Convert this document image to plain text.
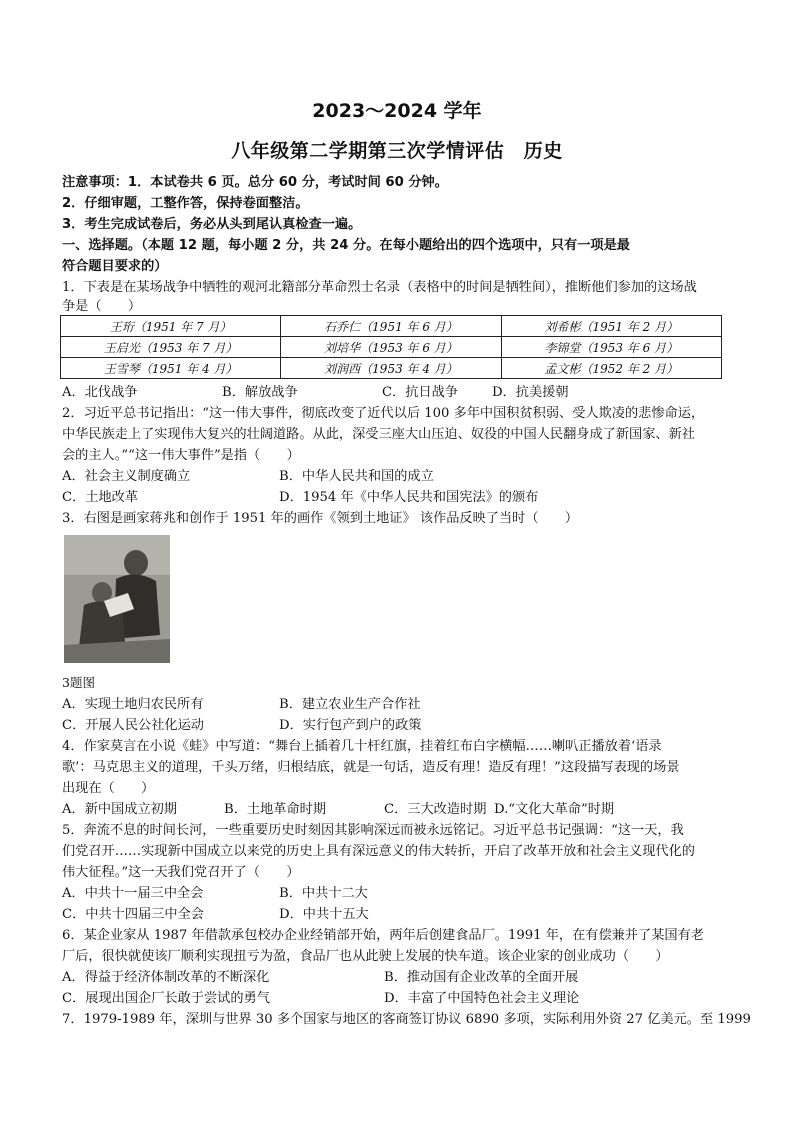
2023～2024 学年
八年级第二学期第三次学情评估　历史
注意事项：1．本试卷共 6 页。总分 60 分，考试时间 60 分钟。
2．仔细审题，工整作答，保持卷面整洁。
3．考生完成试卷后，务必从头到尾认真检查一遍。
一、选择题。（本题 12 题，每小题 2 分，共 24 分。在每小题给出的四个选项中，只有一项是最
符合题目要求的）
1．下表是在某场战争中牺牲的观河北籍部分革命烈士名录（表格中的时间是牺牲间），推断他们参加的这场战
争是（　　）
王珩（1951 年 7 月）	石乔仁（1951 年 6 月）	刘希彬（1951 年 2 月）
王启光（1953 年 7 月）	刘培华（1953 年 6 月）	李锦堂（1953 年 6 月）
王雪琴（1951 年 4 月）	刘润西（1953 年 4 月）	孟文彬（1952 年 2 月）
A．北伐战争	B．解放战争	C．抗日战争	D．抗美援朝
2．习近平总书记指出：“这一伟大事件，彻底改变了近代以后 100 多年中国积贫积弱、受人欺凌的悲惨命运，
中华民族走上了实现伟大复兴的壮阔道路。从此，深受三座大山压迫、奴役的中国人民翻身成了新国家、新社
会的主人。”“这一伟大事件”是指（　　）
A．社会主义制度确立	B．中华人民共和国的成立
C．土地改革	D．1954 年《中华人民共和国宪法》的颁布
3．右图是画家蒋兆和创作于 1951 年的画作《领到土地证》 该作品反映了当时（　　）
3题图
A．实现土地归农民所有	B．建立农业生产合作社
C．开展人民公社化运动	D．实行包产到户的政策
4．作家莫言在小说《蛙》中写道：“舞台上插着几十杆红旗，挂着红布白字横幅……喇叭正播放着‘语录
歌’：马克思主义的道理，千头万绪，归根结底，就是一句话，造反有理！造反有理！”这段描写表现的场景
出现在（　　）
A．新中国成立初期	B．土地革命时期	C．三大改造时期 D.“文化大革命”时期
5．奔流不息的时间长河，一些重要历史时刻因其影响深远而被永远铭记。习近平总书记强调：“这一天，我
们党召开……实现新中国成立以来党的历史上具有深远意义的伟大转折，开启了改革开放和社会主义现代化的
伟大征程。”这一天我们党召开了（　　）
A．中共十一届三中全会	B．中共十二大
C．中共十四届三中全会	D．中共十五大
6．某企业家从 1987 年借款承包校办企业经销部开始，两年后创建食品厂。1991 年，在有偿兼并了某国有老
厂后，很快就使该厂顺利实现扭亏为盈，食品厂也从此驶上发展的快车道。该企业家的创业成功（　　）
A．得益于经济体制改革的不断深化	B．推动国有企业改革的全面开展
C．展现出国企厂长敢于尝试的勇气	D．丰富了中国特色社会主义理论
7．1979-1989 年，深圳与世界 30 多个国家与地区的客商签订协议 6890 多项，实际利用外资 27 亿美元。至 1999
